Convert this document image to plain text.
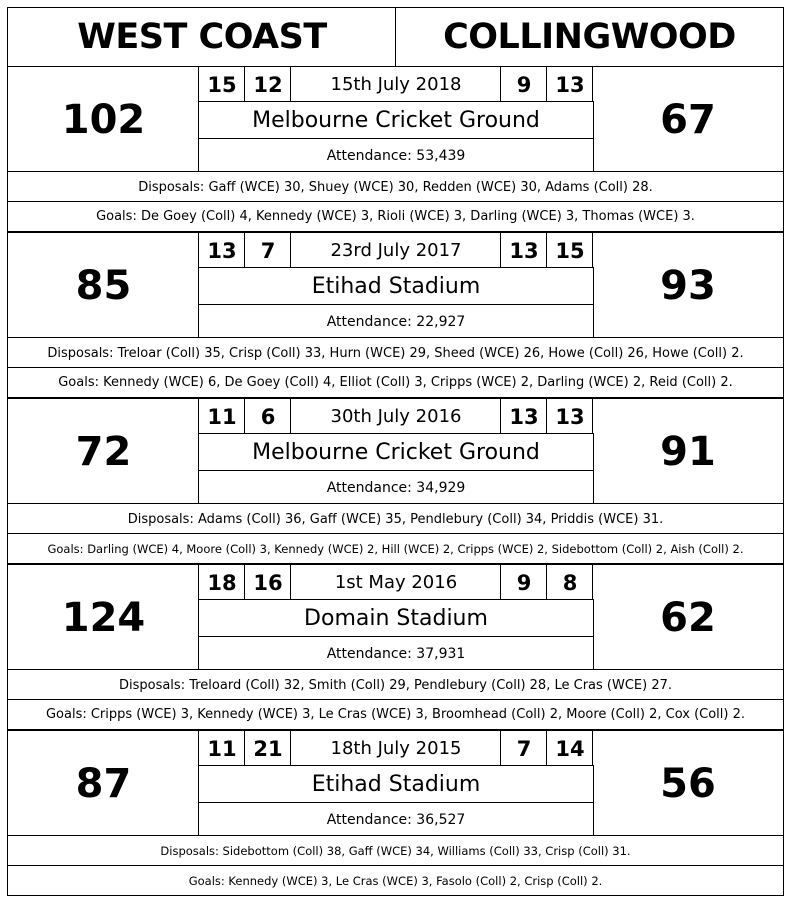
WEST COAST	COLLINGWOOD
102
15 12	15th July 2018	9	13
67
Melbourne Cricket Ground
Attendance: 53,439
Disposals: Gaff (WCE) 30, Shuey (WCE) 30, Redden (WCE) 30, Adams (Coll) 28.
Goals: De Goey (Coll) 4, Kennedy (WCE) 3, Rioli (WCE) 3, Darling (WCE) 3, Thomas (WCE) 3.
85
13	7	23rd July 2017	13 15
93
Etihad Stadium
Attendance: 22,927
Disposals: Treloar (Coll) 35, Crisp (Coll) 33, Hurn (WCE) 29, Sheed (WCE) 26, Howe (Coll) 26, Howe (Coll) 2.
Goals: Kennedy (WCE) 6, De Goey (Coll) 4, Elliot (Coll) 3, Cripps (WCE) 2, Darling (WCE) 2, Reid (Coll) 2.
72
11	6	30th July 2016	13 13
91
Melbourne Cricket Ground
Attendance: 34,929
Disposals: Adams (Coll) 36, Gaff (WCE) 35, Pendlebury (Coll) 34, Priddis (WCE) 31.
Goals: Darling (WCE) 4, Moore (Coll) 3, Kennedy (WCE) 2, Hill (WCE) 2, Cripps (WCE) 2, Sidebottom (Coll) 2, Aish (Coll) 2.
124
18 16	1st May 2016	9	8
62
Domain Stadium
Attendance: 37,931
Disposals: Treloard (Coll) 32, Smith (Coll) 29, Pendlebury (Coll) 28, Le Cras (WCE) 27.
Goals: Cripps (WCE) 3, Kennedy (WCE) 3, Le Cras (WCE) 3, Broomhead (Coll) 2, Moore (Coll) 2, Cox (Coll) 2.
87
11 21	18th July 2015	7	14
56
Etihad Stadium
Attendance: 36,527
Disposals: Sidebottom (Coll) 38, Gaff (WCE) 34, Williams (Coll) 33, Crisp (Coll) 31.
Goals: Kennedy (WCE) 3, Le Cras (WCE) 3, Fasolo (Coll) 2, Crisp (Coll) 2.
